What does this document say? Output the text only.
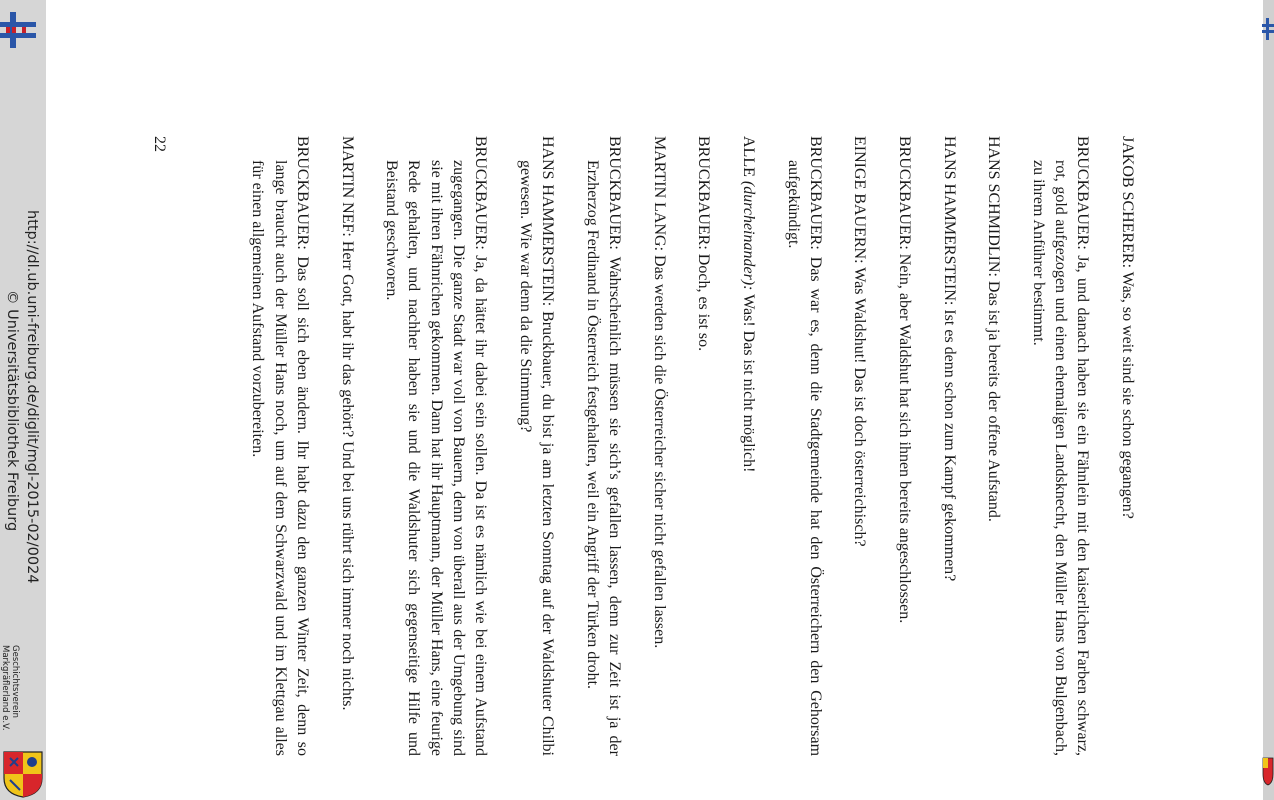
http://dl.ub.uni-freiburg.de/diglit/mgl-2015-02/0024
© Universitätsbibliothek Freiburg
Geschichtsverein
Markgräflerland e.V.
22	JAKOB SCHERER: Was, so weit sind sie schon gegangen?

BRUCKBAUER: Ja, und danach haben sie ein Fähnlein mit den kaiserlichen Farben schwarz, rot, gold aufgezogen und einen ehemaligen Landsknecht, den Müller Hans von Bulgenbach, zu ihrem Anführer bestimmt.

HANS SCHMIDLIN: Das ist ja bereits der offene Aufstand.

HANS HAMMERSTEIN: Ist es denn schon zum Kampf gekommen?

BRUCKBAUER: Nein, aber Waldshut hat sich ihnen bereits angeschlossen.

EINIGE BAUERN: Was Waldshut! Das ist doch österreichisch?

BRUCKBAUER: Das war es, denn die Stadtgemeinde hat den Österreichern den Gehorsam aufgekündigt.

ALLE (durcheinander): Was! Das ist nicht möglich!

BRUCKBAUER: Doch, es ist so.

MARTIN LANG: Das werden sich die Österreicher sicher nicht gefallen lassen.

BRUCKBAUER: Wahrscheinlich müssen sie sich’s gefallen lassen, denn zur Zeit ist ja der Erzherzog Ferdinand in Österreich festgehalten, weil ein Angriff der Türken droht.

HANS HAMMERSTEIN: Bruckbauer, du bist ja am letzten Sonntag auf der Waldshuter Chilbi gewesen. Wie war denn da die Stimmung?

BRUCKBAUER: Ja, da hättet ihr dabei sein sollen. Da ist es nämlich wie bei einem Aufstand zugegangen. Die ganze Stadt war voll von Bauern, denn von überall aus der Umgebung sind sie mit ihren Fähnrichen gekommen. Dann hat ihr Hauptmann, der Müller Hans, eine feurige Rede gehalten, und nachher haben sie und die Waldshuter sich gegenseitige Hilfe und Beistand geschworen.

MARTIN NEF: Herr Gott, habt ihr das gehört? Und bei uns rührt sich immer noch nichts.

BRUCKBAUER: Das soll sich eben ändern. Ihr habt dazu den ganzen Winter Zeit, denn so lange braucht auch der Müller Hans noch, um auf dem Schwarzwald und im Klettgau alles für einen allgemeinen Aufstand vorzubereiten.
